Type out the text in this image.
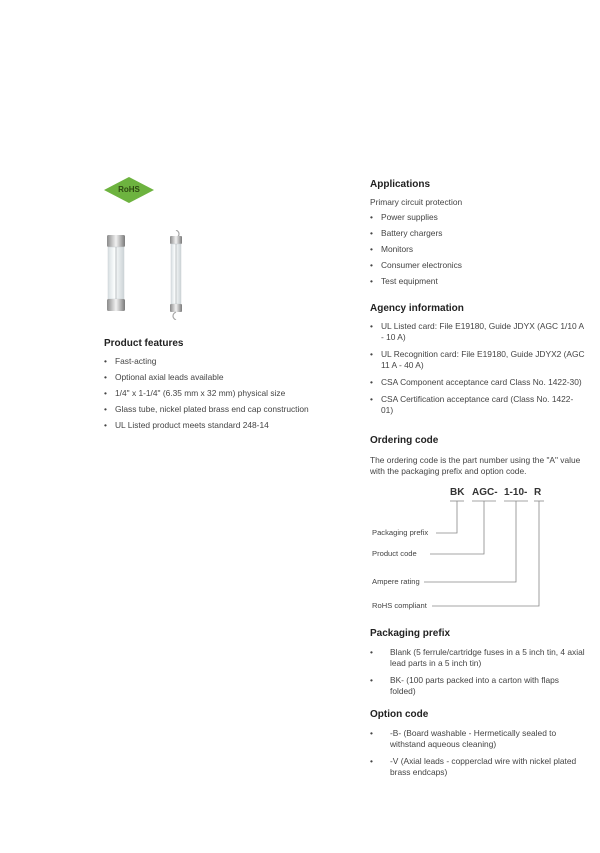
RoHS
Product features
• Fast-acting
• Optional axial leads available
• 1/4" x 1-1/4" (6.35 mm x 32 mm) physical size
• Glass tube, nickel plated brass end cap construction
• UL Listed product meets standard 248-14
Applications

Primary circuit protection

• Power supplies
• Battery chargers
• Monitors
• Consumer electronics
• Test equipment
Agency information
• UL Listed card: File E19180, Guide JDYX (AGC 1/10 A - 10 A)
• UL Recognition card: File E19180, Guide JDYX2 (AGC 11 A - 40 A)
• CSA Component acceptance card Class No. 1422-30)
• CSA Certification acceptance card (Class No. 1422-01)
Ordering code

The ordering code is the part number using the "A" value with the packaging prefix and option code.

BK AGC- 1-10- R
Packaging prefix
Product code
Ampere rating
RoHS compliant
Packaging prefix
• Blank (5 ferrule/cartridge fuses in a 5 inch tin, 4 axial lead parts in a 5 inch tin)
• BK- (100 parts packed into a carton with flaps folded)
Option code
• -B- (Board washable - Hermetically sealed to withstand aqueous cleaning)
• -V (Axial leads - copperclad wire with nickel plated brass endcaps)
